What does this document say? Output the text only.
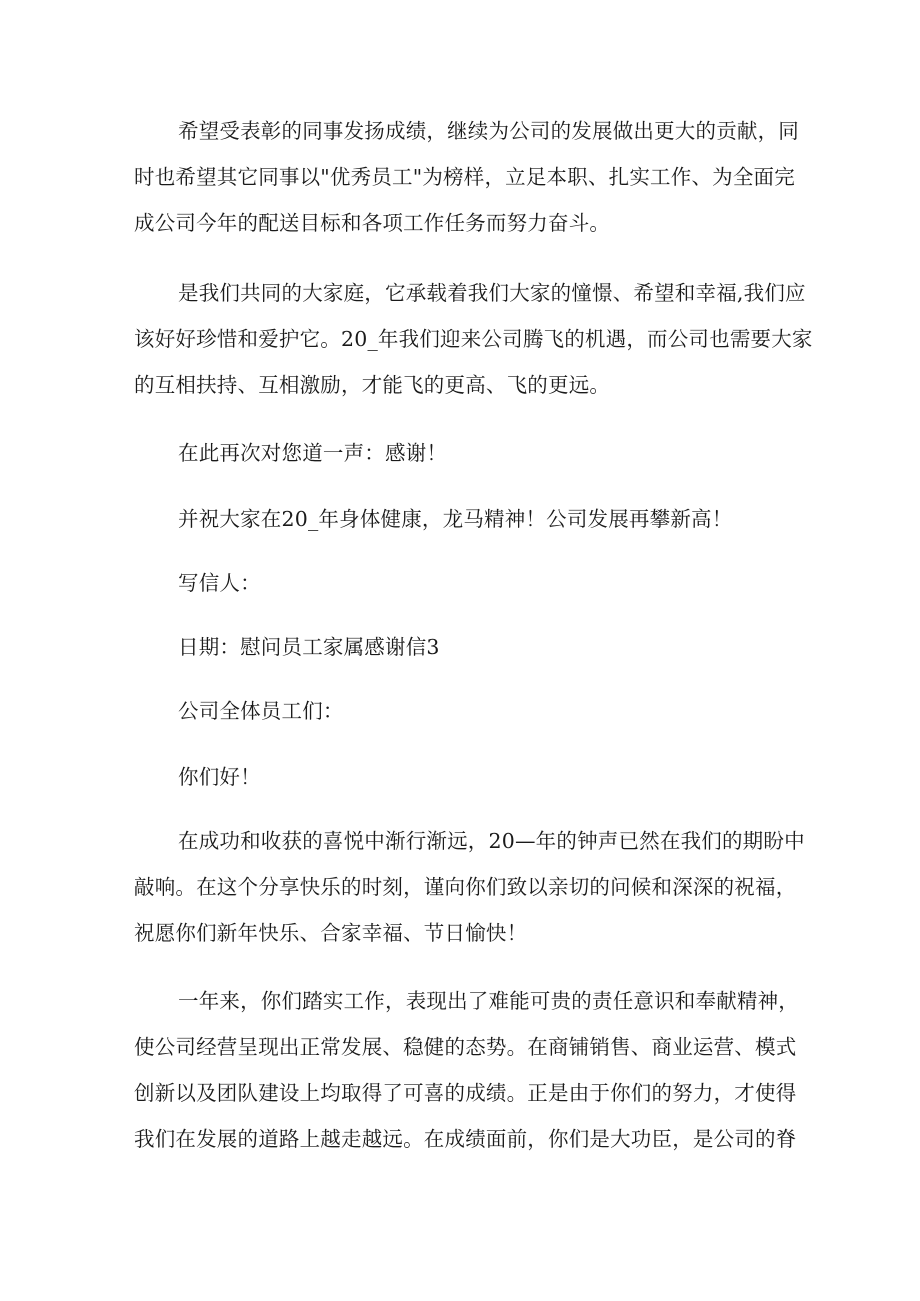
希望受表彰的同事发扬成绩，继续为公司的发展做出更大的贡献，同
时也希望其它同事以"优秀员工"为榜样，立足本职、扎实工作、为全面完
成公司今年的配送目标和各项工作任务而努力奋斗。
是我们共同的大家庭，它承载着我们大家的憧憬、希望和幸福,我们应
该好好珍惜和爱护它。20_年我们迎来公司腾飞的机遇，而公司也需要大家
的互相扶持、互相激励，才能飞的更高、飞的更远。
在此再次对您道一声：感谢！
并祝大家在20_年身体健康，龙马精神！公司发展再攀新高！
写信人：
日期：慰问员工家属感谢信3
公司全体员工们：
你们好！
在成功和收获的喜悦中渐行渐远，20—年的钟声已然在我们的期盼中
敲响。在这个分享快乐的时刻，谨向你们致以亲切的问候和深深的祝福，
祝愿你们新年快乐、合家幸福、节日愉快！
一年来，你们踏实工作，表现出了难能可贵的责任意识和奉献精神，
使公司经营呈现出正常发展、稳健的态势。在商铺销售、商业运营、模式
创新以及团队建设上均取得了可喜的成绩。正是由于你们的努力，才使得
我们在发展的道路上越走越远。在成绩面前，你们是大功臣，是公司的脊
